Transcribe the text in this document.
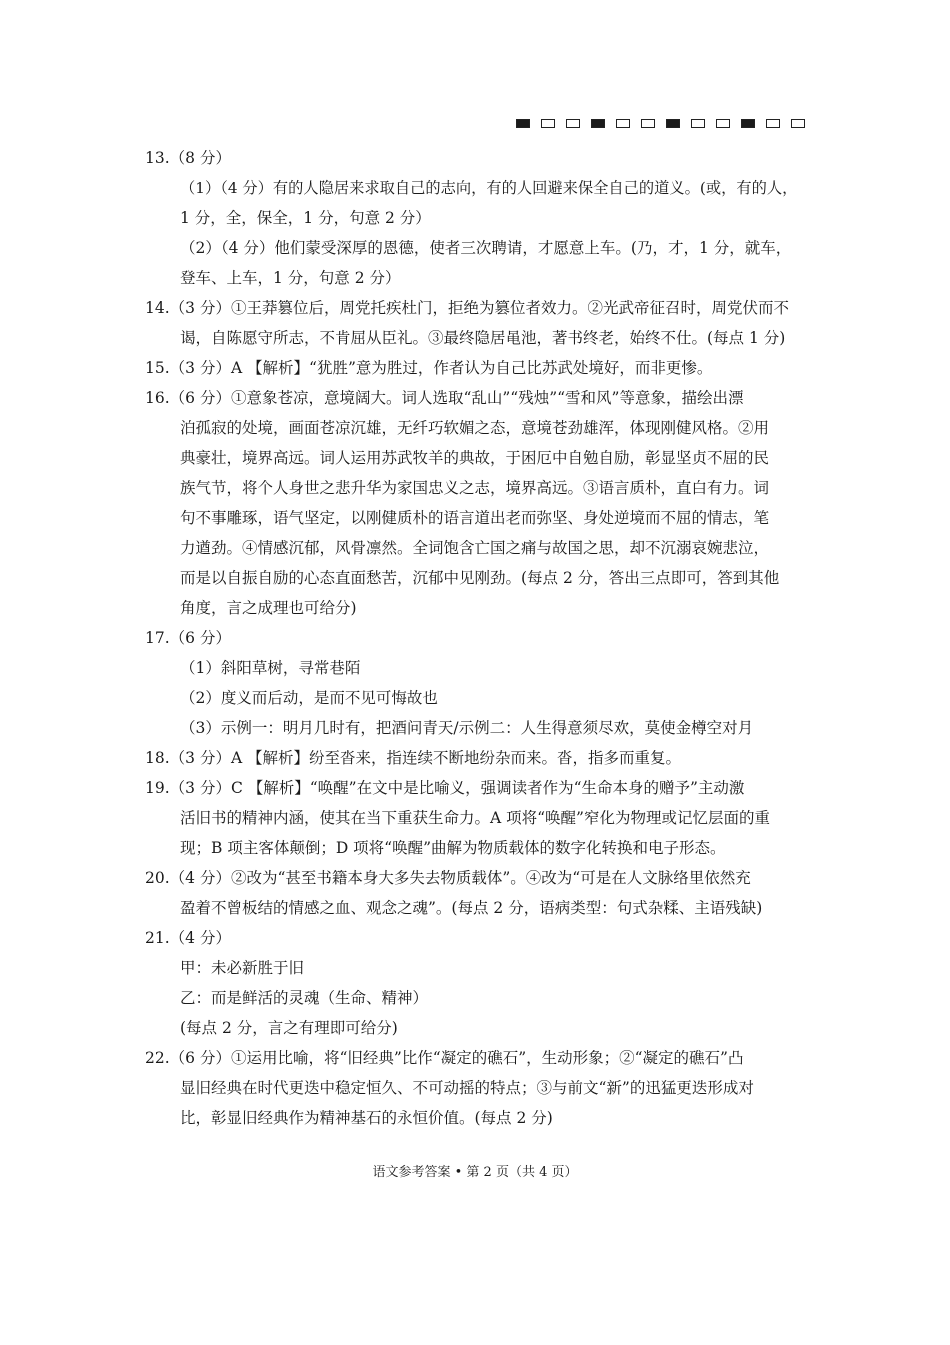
13.（8 分）
（1）（4 分）有的人隐居来求取自己的志向，有的人回避来保全自己的道义。(或，有的人，
1 分，全，保全，1 分，句意 2 分）
（2）（4 分）他们蒙受深厚的恩德，使者三次聘请，才愿意上车。(乃，才，1 分，就车，
登车、上车，1 分，句意 2 分）
14.（3 分）①王莽篡位后，周党托疾杜门，拒绝为篡位者效力。②光武帝征召时，周党伏而不
谒，自陈愿守所志，不肯屈从臣礼。③最终隐居黾池，著书终老，始终不仕。(每点 1 分)
15.（3 分）A 【解析】“犹胜”意为胜过，作者认为自己比苏武处境好，而非更惨。
16.（6 分）①意象苍凉，意境阔大。词人选取“乱山”“残烛”“雪和风”等意象，描绘出漂
泊孤寂的处境，画面苍凉沉雄，无纤巧软媚之态，意境苍劲雄浑，体现刚健风格。②用
典豪壮，境界高远。词人运用苏武牧羊的典故，于困厄中自勉自励，彰显坚贞不屈的民
族气节，将个人身世之悲升华为家国忠义之志，境界高远。③语言质朴，直白有力。词
句不事雕琢，语气坚定，以刚健质朴的语言道出老而弥坚、身处逆境而不屈的情志，笔
力遒劲。④情感沉郁，风骨凛然。全词饱含亡国之痛与故国之思，却不沉溺哀婉悲泣，
而是以自振自励的心态直面愁苦，沉郁中见刚劲。(每点 2 分，答出三点即可，答到其他
角度，言之成理也可给分)
17.（6 分）
（1）斜阳草树，寻常巷陌
（2）度义而后动，是而不见可悔故也
（3）示例一：明月几时有，把酒问青天/示例二：人生得意须尽欢，莫使金樽空对月
18.（3 分）A 【解析】纷至沓来，指连续不断地纷杂而来。沓，指多而重复。
19.（3 分）C 【解析】“唤醒”在文中是比喻义，强调读者作为“生命本身的赠予”主动激
活旧书的精神内涵，使其在当下重获生命力。A 项将“唤醒”窄化为物理或记忆层面的重
现；B 项主客体颠倒；D 项将“唤醒”曲解为物质载体的数字化转换和电子形态。
20.（4 分）②改为“甚至书籍本身大多失去物质载体”。④改为“可是在人文脉络里依然充
盈着不曾板结的情感之血、观念之魂”。(每点 2 分，语病类型：句式杂糅、主语残缺)
21.（4 分）
甲：未必新胜于旧
乙：而是鲜活的灵魂（生命、精神）
(每点 2 分，言之有理即可给分)
22.（6 分）①运用比喻，将“旧经典”比作“凝定的礁石”，生动形象；②“凝定的礁石”凸
显旧经典在时代更迭中稳定恒久、不可动摇的特点；③与前文“新”的迅猛更迭形成对
比，彰显旧经典作为精神基石的永恒价值。(每点 2 分)
语文参考答案 • 第 2 页（共 4 页）
